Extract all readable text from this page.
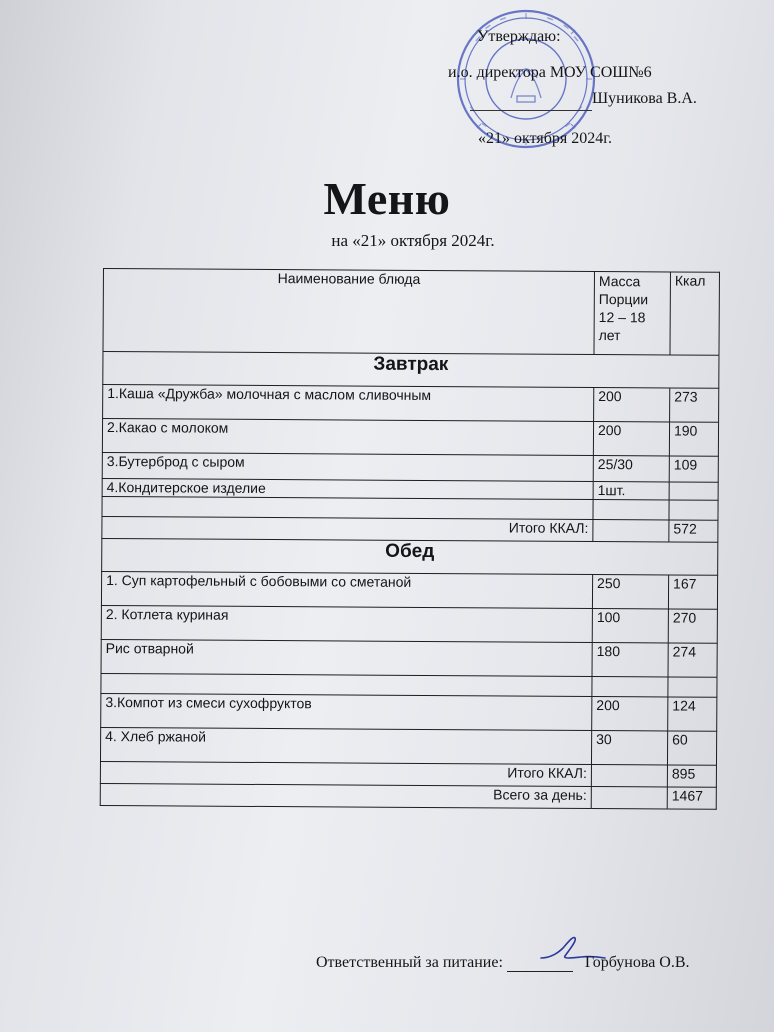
Утверждаю:
и.о. директора МОУ СОШ№6
Шуникова В.А.
«21» октября 2024г.
Меню
на «21» октября 2024г.
Наименование блюда	Масса Порции 12 – 18 лет	Ккал
Завтрак		
1.Каша «Дружба» молочная с маслом сливочным	200	273
2.Какао с молоком	200	190
3.Бутерброд с сыром	25/30	109
4.Кондитерское изделие	1шт.	

Итого ККАЛ:		572
Обед		
1. Суп картофельный с бобовыми со сметаной	250	167
2. Котлета куриная	100	270
Рис отварной	180	274

3.Компот из смеси сухофруктов	200	124
4. Хлеб ржаной	30	60
Итого ККАЛ:		895
Всего за день:		1467
Ответственный за питание:	Горбунова О.В.
